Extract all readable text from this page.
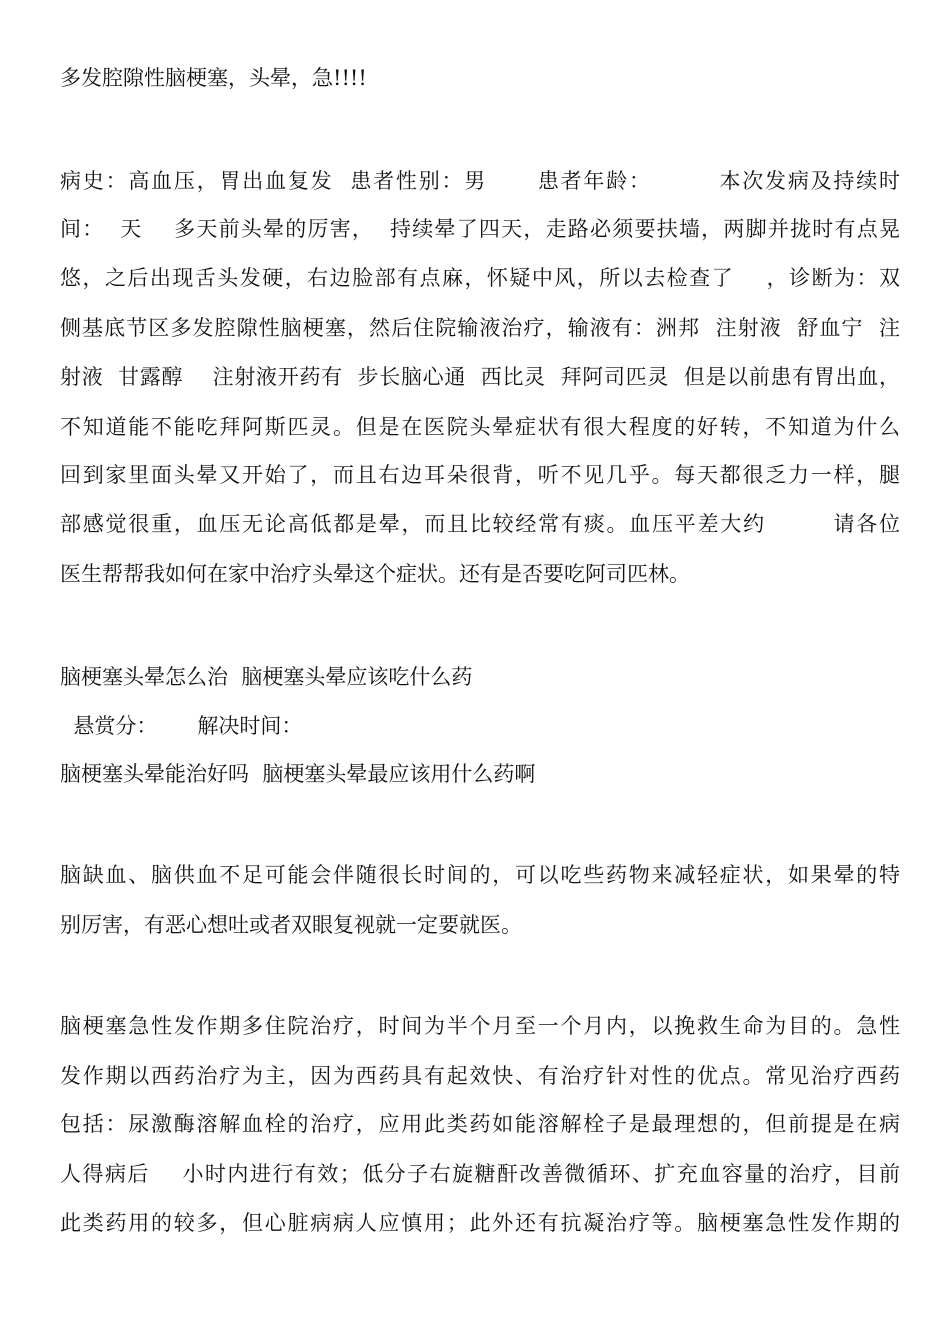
多发腔隙性脑梗塞，头晕，急!!!!
病史：高血压，胃出血复发  患者性别：男      患者年龄：        本次发病及持续时
间：  天    多天前头晕的厉害，  持续晕了四天，走路必须要扶墙，两脚并拢时有点晃
悠，之后出现舌头发硬，右边脸部有点麻，怀疑中风，所以去检查了    ，诊断为：双
侧基底节区多发腔隙性脑梗塞，然后住院输液治疗，输液有：洲邦  注射液  舒血宁  注
射液  甘露醇    注射液开药有  步长脑心通  西比灵  拜阿司匹灵  但是以前患有胃出血，
不知道能不能吃拜阿斯匹灵。但是在医院头晕症状有很大程度的好转，不知道为什么
回到家里面头晕又开始了，而且右边耳朵很背，听不见几乎。每天都很乏力一样，腿
部感觉很重，血压无论高低都是晕，而且比较经常有痰。血压平差大约        请各位
医生帮帮我如何在家中治疗头晕这个症状。还有是否要吃阿司匹林。
脑梗塞头晕怎么治  脑梗塞头晕应该吃什么药
悬赏分：      解决时间：
脑梗塞头晕能治好吗  脑梗塞头晕最应该用什么药啊
脑缺血、脑供血不足可能会伴随很长时间的，可以吃些药物来减轻症状，如果晕的特
别厉害，有恶心想吐或者双眼复视就一定要就医。
脑梗塞急性发作期多住院治疗，时间为半个月至一个月内，以挽救生命为目的。急性
发作期以西药治疗为主，因为西药具有起效快、有治疗针对性的优点。常见治疗西药
包括：尿激酶溶解血栓的治疗，应用此类药如能溶解栓子是最理想的，但前提是在病
人得病后    小时内进行有效；低分子右旋糖酐改善微循环、扩充血容量的治疗，目前
此类药用的较多，但心脏病病人应慎用；此外还有抗凝治疗等。脑梗塞急性发作期的
